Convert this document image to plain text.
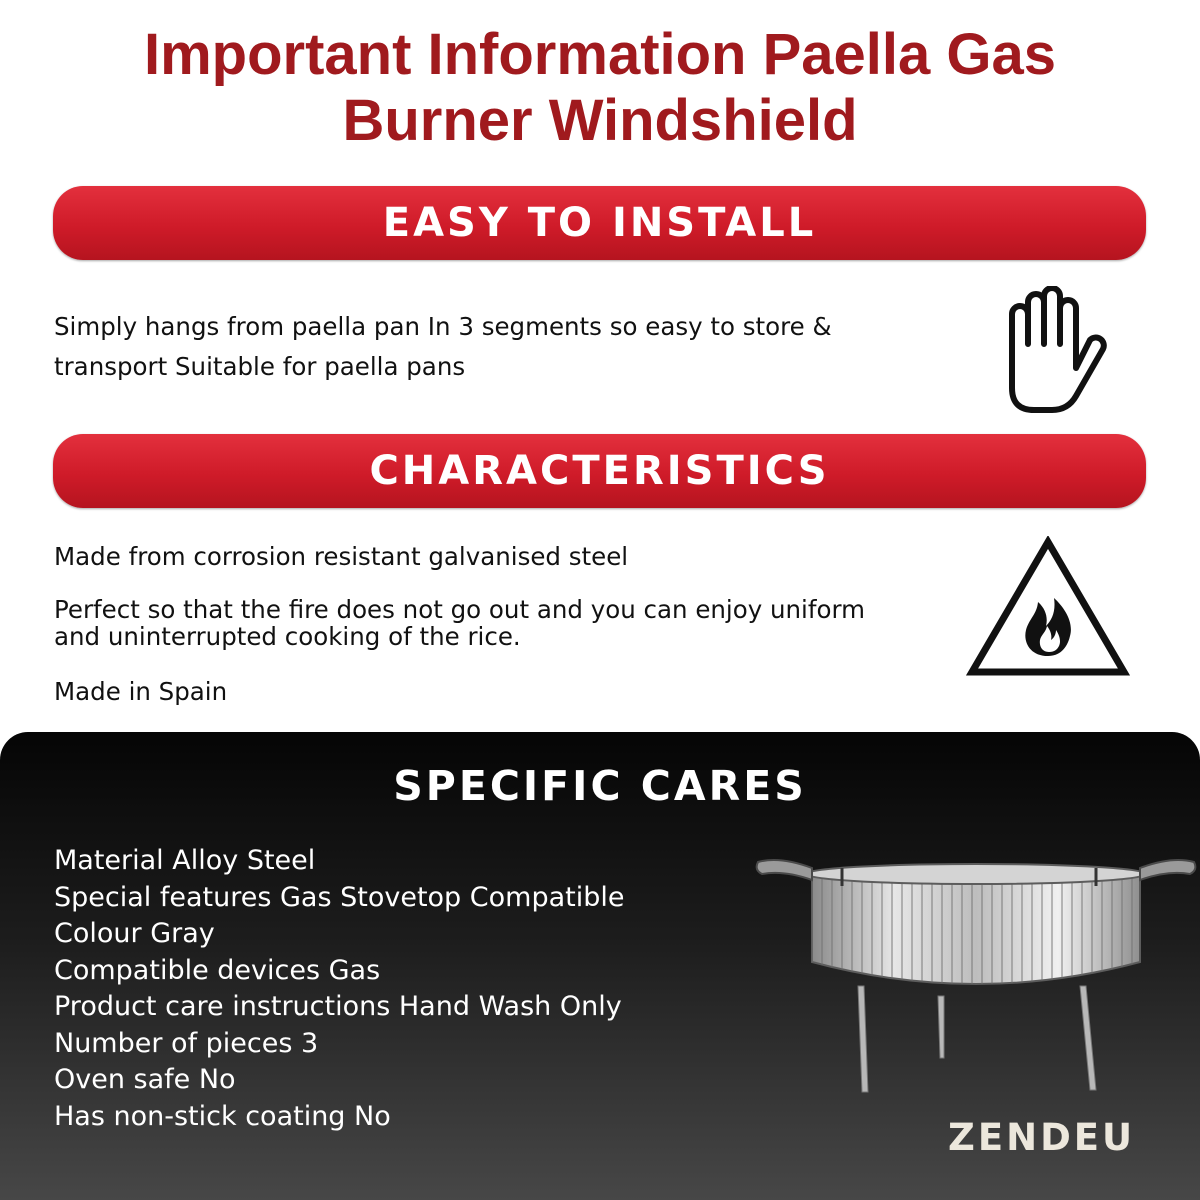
Important Information Paella Gas
Burner Windshield
EASY TO INSTALL

Simply hangs from paella pan In 3 segments so easy to store &
transport Suitable for paella pans

CHARACTERISTICS

Made from corrosion resistant galvanised steel

Perfect so that the fire does not go out and you can enjoy uniform
and uninterrupted cooking of the rice.

Made in Spain

SPECIFIC CARES
Material Alloy Steel
Special features Gas Stovetop Compatible
Colour Gray
Compatible devices Gas
Product care instructions Hand Wash Only
Number of pieces 3
Oven safe No
Has non-stick coating No	ZENDEU
